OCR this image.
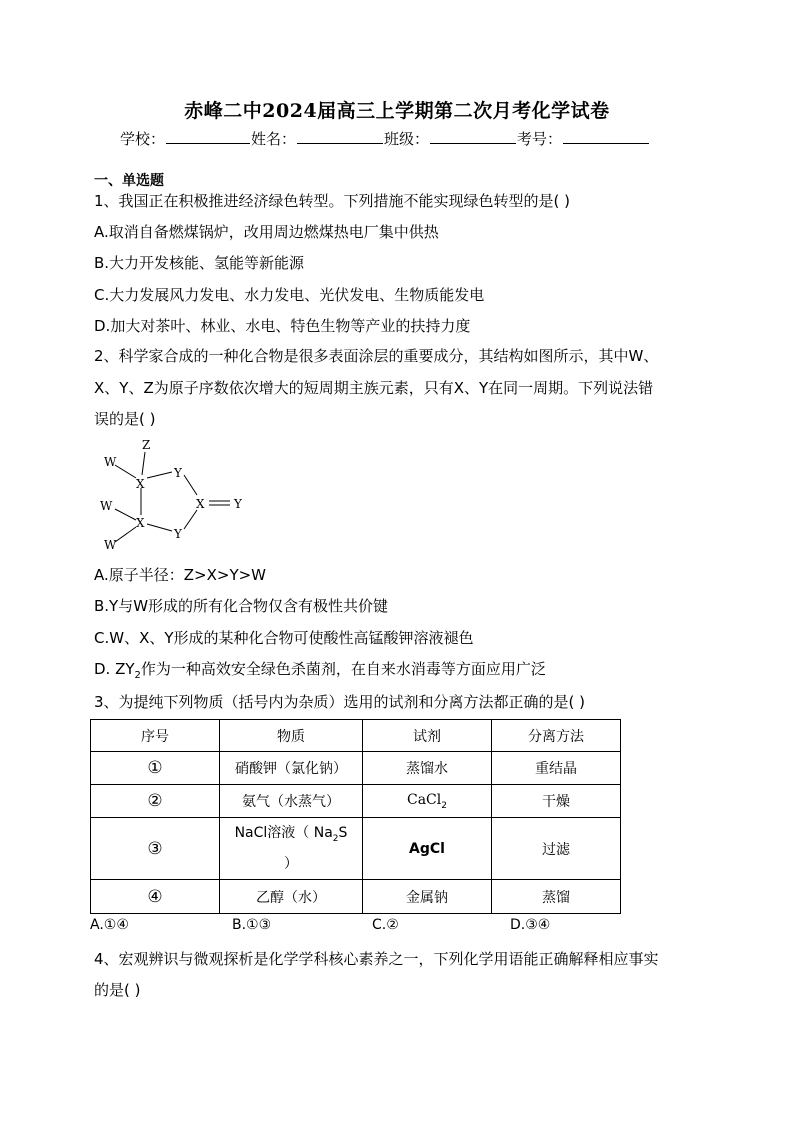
赤峰二中2024届高三上学期第二次月考化学试卷
学校：	姓名：	班级：	考号：
一、单选题
1、我国正在积极推进经济绿色转型。下列措施不能实现绿色转型的是( )
A.取消自备燃煤锅炉，改用周边燃煤热电厂集中供热
B.大力开发核能、氢能等新能源
C.大力发展风力发电、水力发电、光伏发电、生物质能发电
D.加大对茶叶、林业、水电、特色生物等产业的扶持力度
2、科学家合成的一种化合物是很多表面涂层的重要成分，其结构如图所示，其中W、
X、Y、Z为原子序数依次增大的短周期主族元素，只有X、Y在同一周期。下列说法错
误的是( )
Z
W
X
Y
X Y
W
X
Y
W
A.原子半径：Z>X>Y>W
B.Y与W形成的所有化合物仅含有极性共价键
C.W、X、Y形成的某种化合物可使酸性高锰酸钾溶液褪色
D. $ZY_2$作为一种高效安全绿色杀菌剂，在自来水消毒等方面应用广泛
3、为提纯下列物质（括号内为杂质）选用的试剂和分离方法都正确的是( )
序号	物质	试剂	分离方法
①	硝酸钾（氯化钠）	蒸馏水	重结晶
②	氨气（水蒸气）	CaCl$_2$	干燥
③	NaCl溶液（ $Na_2S$
）	AgCl	过滤
④	乙醇（水）	金属钠	蒸馏
A.①④	B.①③	C.②	D.③④
4、宏观辨识与微观探析是化学学科核心素养之一，下列化学用语能正确解释相应事实
的是( )
